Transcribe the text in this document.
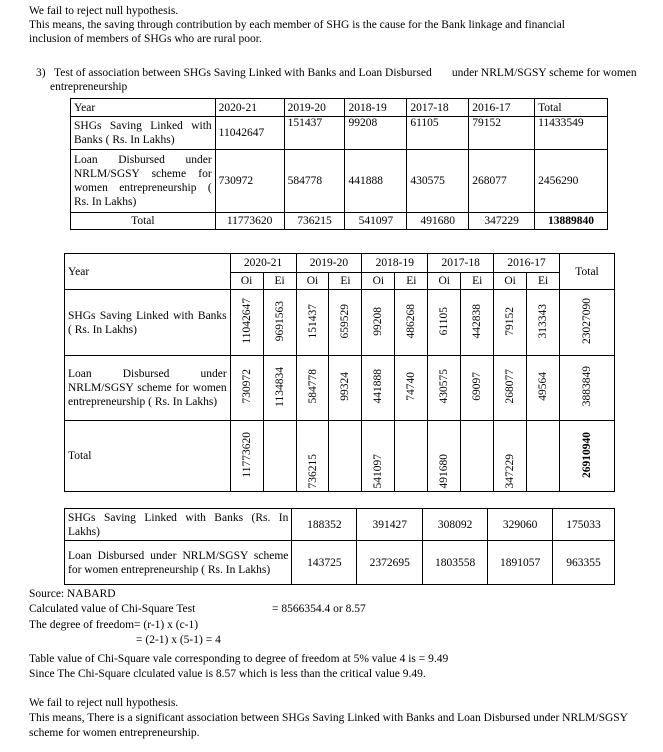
We fail to reject null hypothesis.
This means, the saving through contribution by each member of SHG is the cause for the Bank linkage and financial
inclusion of members of SHGs who are rural poor.
3) Test of association between SHGs Saving Linked with Banks and Loan Disbursed under NRLM/SGSY scheme for women
entrepreneurship
Year	2020-21	2019-20	2018-19	2017-18	2016-17	Total
SHGs Saving Linked with Banks ( Rs. In Lakhs)	11042647	151437	99208	61105	79152	11433549
Loan Disbursed under NRLM/SGSY scheme for women entrepreneurship ( Rs. In Lakhs)	730972	584778	441888	430575	268077	2456290
Total	11773620	736215	541097	491680	347229	13889840
Year	2020-21		2019-20		2018-19		2017-18		2016-17		Total
	Oi	Ei	Oi	Ei	Oi	Ei	Oi	Ei	Oi	Ei	
SHGs Saving Linked with Banks ( Rs. In Lakhs)	11042647	9691563	151437	659529	99208	486268	61105	442838	79152	313343	23027090
Loan Disbursed under NRLM/SGSY scheme for women entrepreneurship ( Rs. In Lakhs)	730972	1134834	584778	99324	441888	74740	430575	69097	268077	49564	3883849
Total	11773620		736215		541097		491680		347229		26910940
SHGs Saving Linked with Banks (Rs. In Lakhs)	188352	391427	308092	329060	175033
Loan Disbursed under NRLM/SGSY scheme for women entrepreneurship ( Rs. In Lakhs)	143725	2372695	1803558	1891057	963355
Source: NABARD
Calculated value of Chi-Square Test	= 8566354.4 or 8.57
The degree of freedom= (r-1) x (c-1)
= (2-1) x (5-1) = 4
Table value of Chi-Square vale corresponding to degree of freedom at 5% value 4 is = 9.49
Since The Chi-Square clculated value is 8.57 which is less than the critical value 9.49.
We fail to reject null hypothesis.
This means, There is a significant association between SHGs Saving Linked with Banks and Loan Disbursed under NRLM/SGSY
scheme for women entrepreneurship.
